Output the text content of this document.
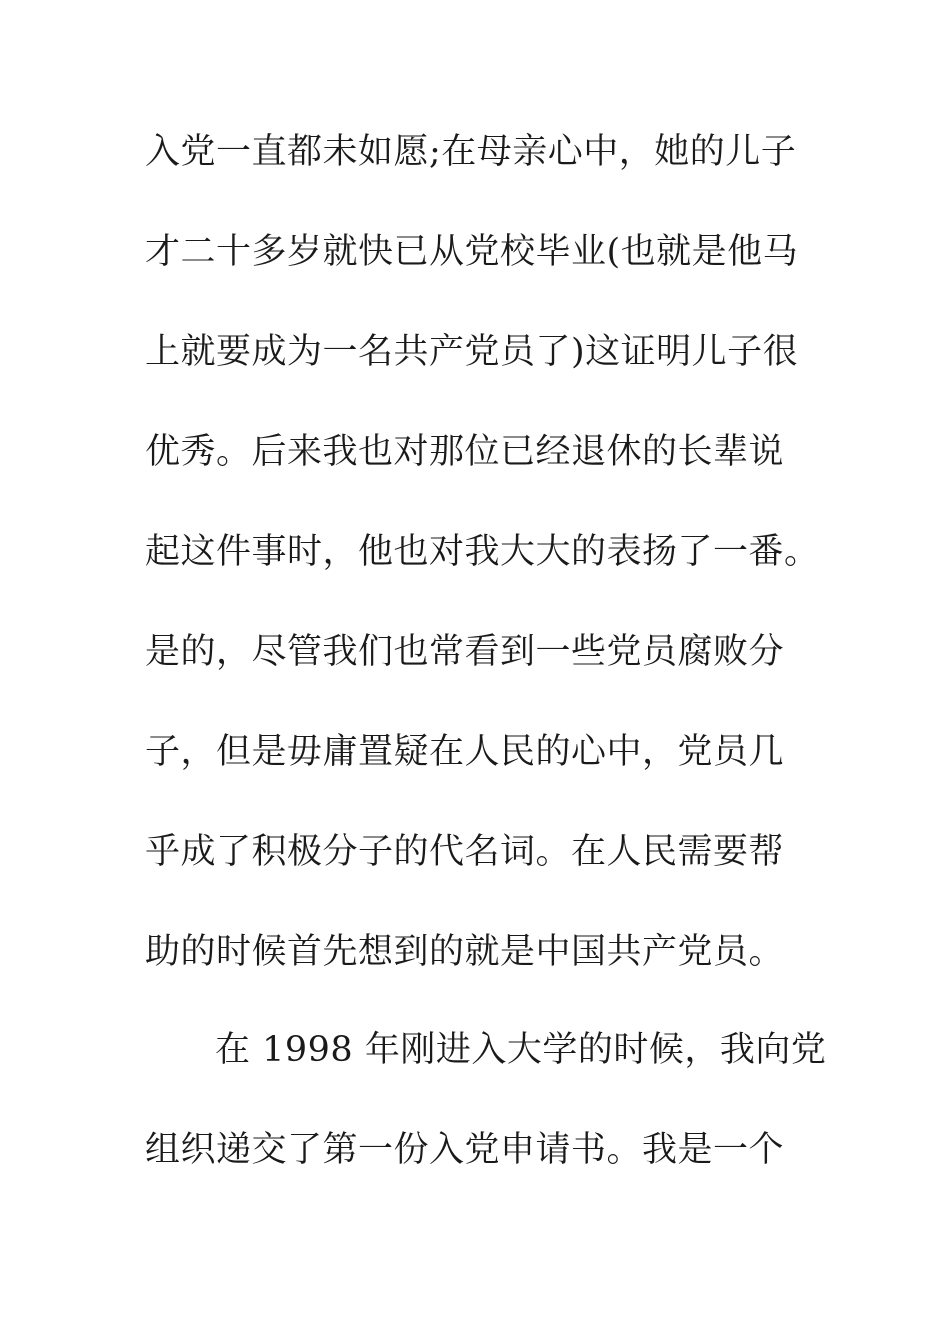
入党一直都未如愿;在母亲心中，她的儿子
才二十多岁就快已从党校毕业(也就是他马
上就要成为一名共产党员了)这证明儿子很
优秀。后来我也对那位已经退休的长辈说
起这件事时，他也对我大大的表扬了一番。
是的，尽管我们也常看到一些党员腐败分
子，但是毋庸置疑在人民的心中，党员几
乎成了积极分子的代名词。在人民需要帮
助的时候首先想到的就是中国共产党员。
在 1998 年刚进入大学的时候，我向党
组织递交了第一份入党申请书。我是一个
